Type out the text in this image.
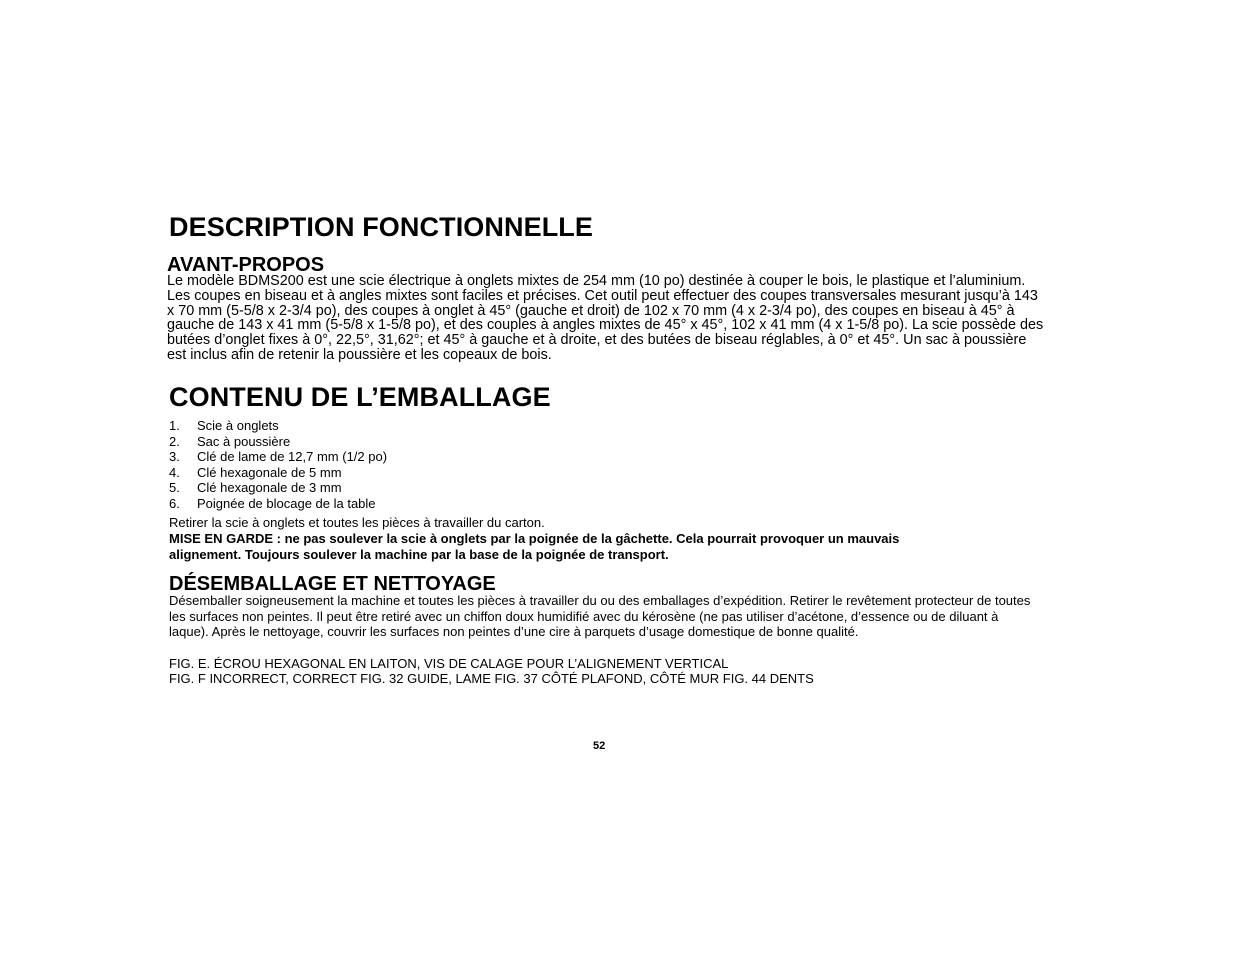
DESCRIPTION FONCTIONNELLE
AVANT-PROPOS

Le modèle BDMS200 est une scie électrique à onglets mixtes de 254 mm (10 po) destinée à couper le bois, le plastique et l’aluminium. Les coupes en biseau et à angles mixtes sont faciles et précises. Cet outil peut effectuer des coupes transversales mesurant jusqu’à 143 x 70 mm (5-5/8 x 2-3/4 po), des coupes à onglet à 45° (gauche et droit) de 102 x 70 mm (4 x 2-3/4 po), des coupes en biseau à 45° à gauche de 143 x 41 mm (5-5/8 x 1-5/8 po), et des couples à angles mixtes de 45° x 45°, 102 x 41 mm (4 x 1-5/8 po). La scie possède des butées d’onglet fixes à 0°, 22,5°, 31,62°; et 45° à gauche et à droite, et des butées de biseau réglables, à 0° et 45°. Un sac à poussière est inclus afin de retenir la poussière et les copeaux de bois.

CONTENU DE L’EMBALLAGE
1. Scie à onglets
2. Sac à poussière
3. Clé de lame de 12,7 mm (1/2 po)
4. Clé hexagonale de 5 mm
5. Clé hexagonale de 3 mm
6. Poignée de blocage de la table

Retirer la scie à onglets et toutes les pièces à travailler du carton.

MISE EN GARDE : ne pas soulever la scie à onglets par la poignée de la gâchette. Cela pourrait provoquer un mauvais alignement. Toujours soulever la machine par la base de la poignée de transport.

DÉSEMBALLAGE ET NETTOYAGE

Désemballer soigneusement la machine et toutes les pièces à travailler du ou des emballages d’expédition. Retirer le revêtement protecteur de toutes les surfaces non peintes. Il peut être retiré avec un chiffon doux humidifié avec du kérosène (ne pas utiliser d’acétone, d’essence ou de diluant à laque). Après le nettoyage, couvrir les surfaces non peintes d’une cire à parquets d’usage domestique de bonne qualité.

FIG. E. ÉCROU HEXAGONAL EN LAITON, VIS DE CALAGE POUR L’ALIGNEMENT VERTICAL

FIG. F INCORRECT, CORRECT FIG. 32 GUIDE, LAME FIG. 37 CÔTÉ PLAFOND, CÔTÉ MUR FIG. 44 DENTS

52
